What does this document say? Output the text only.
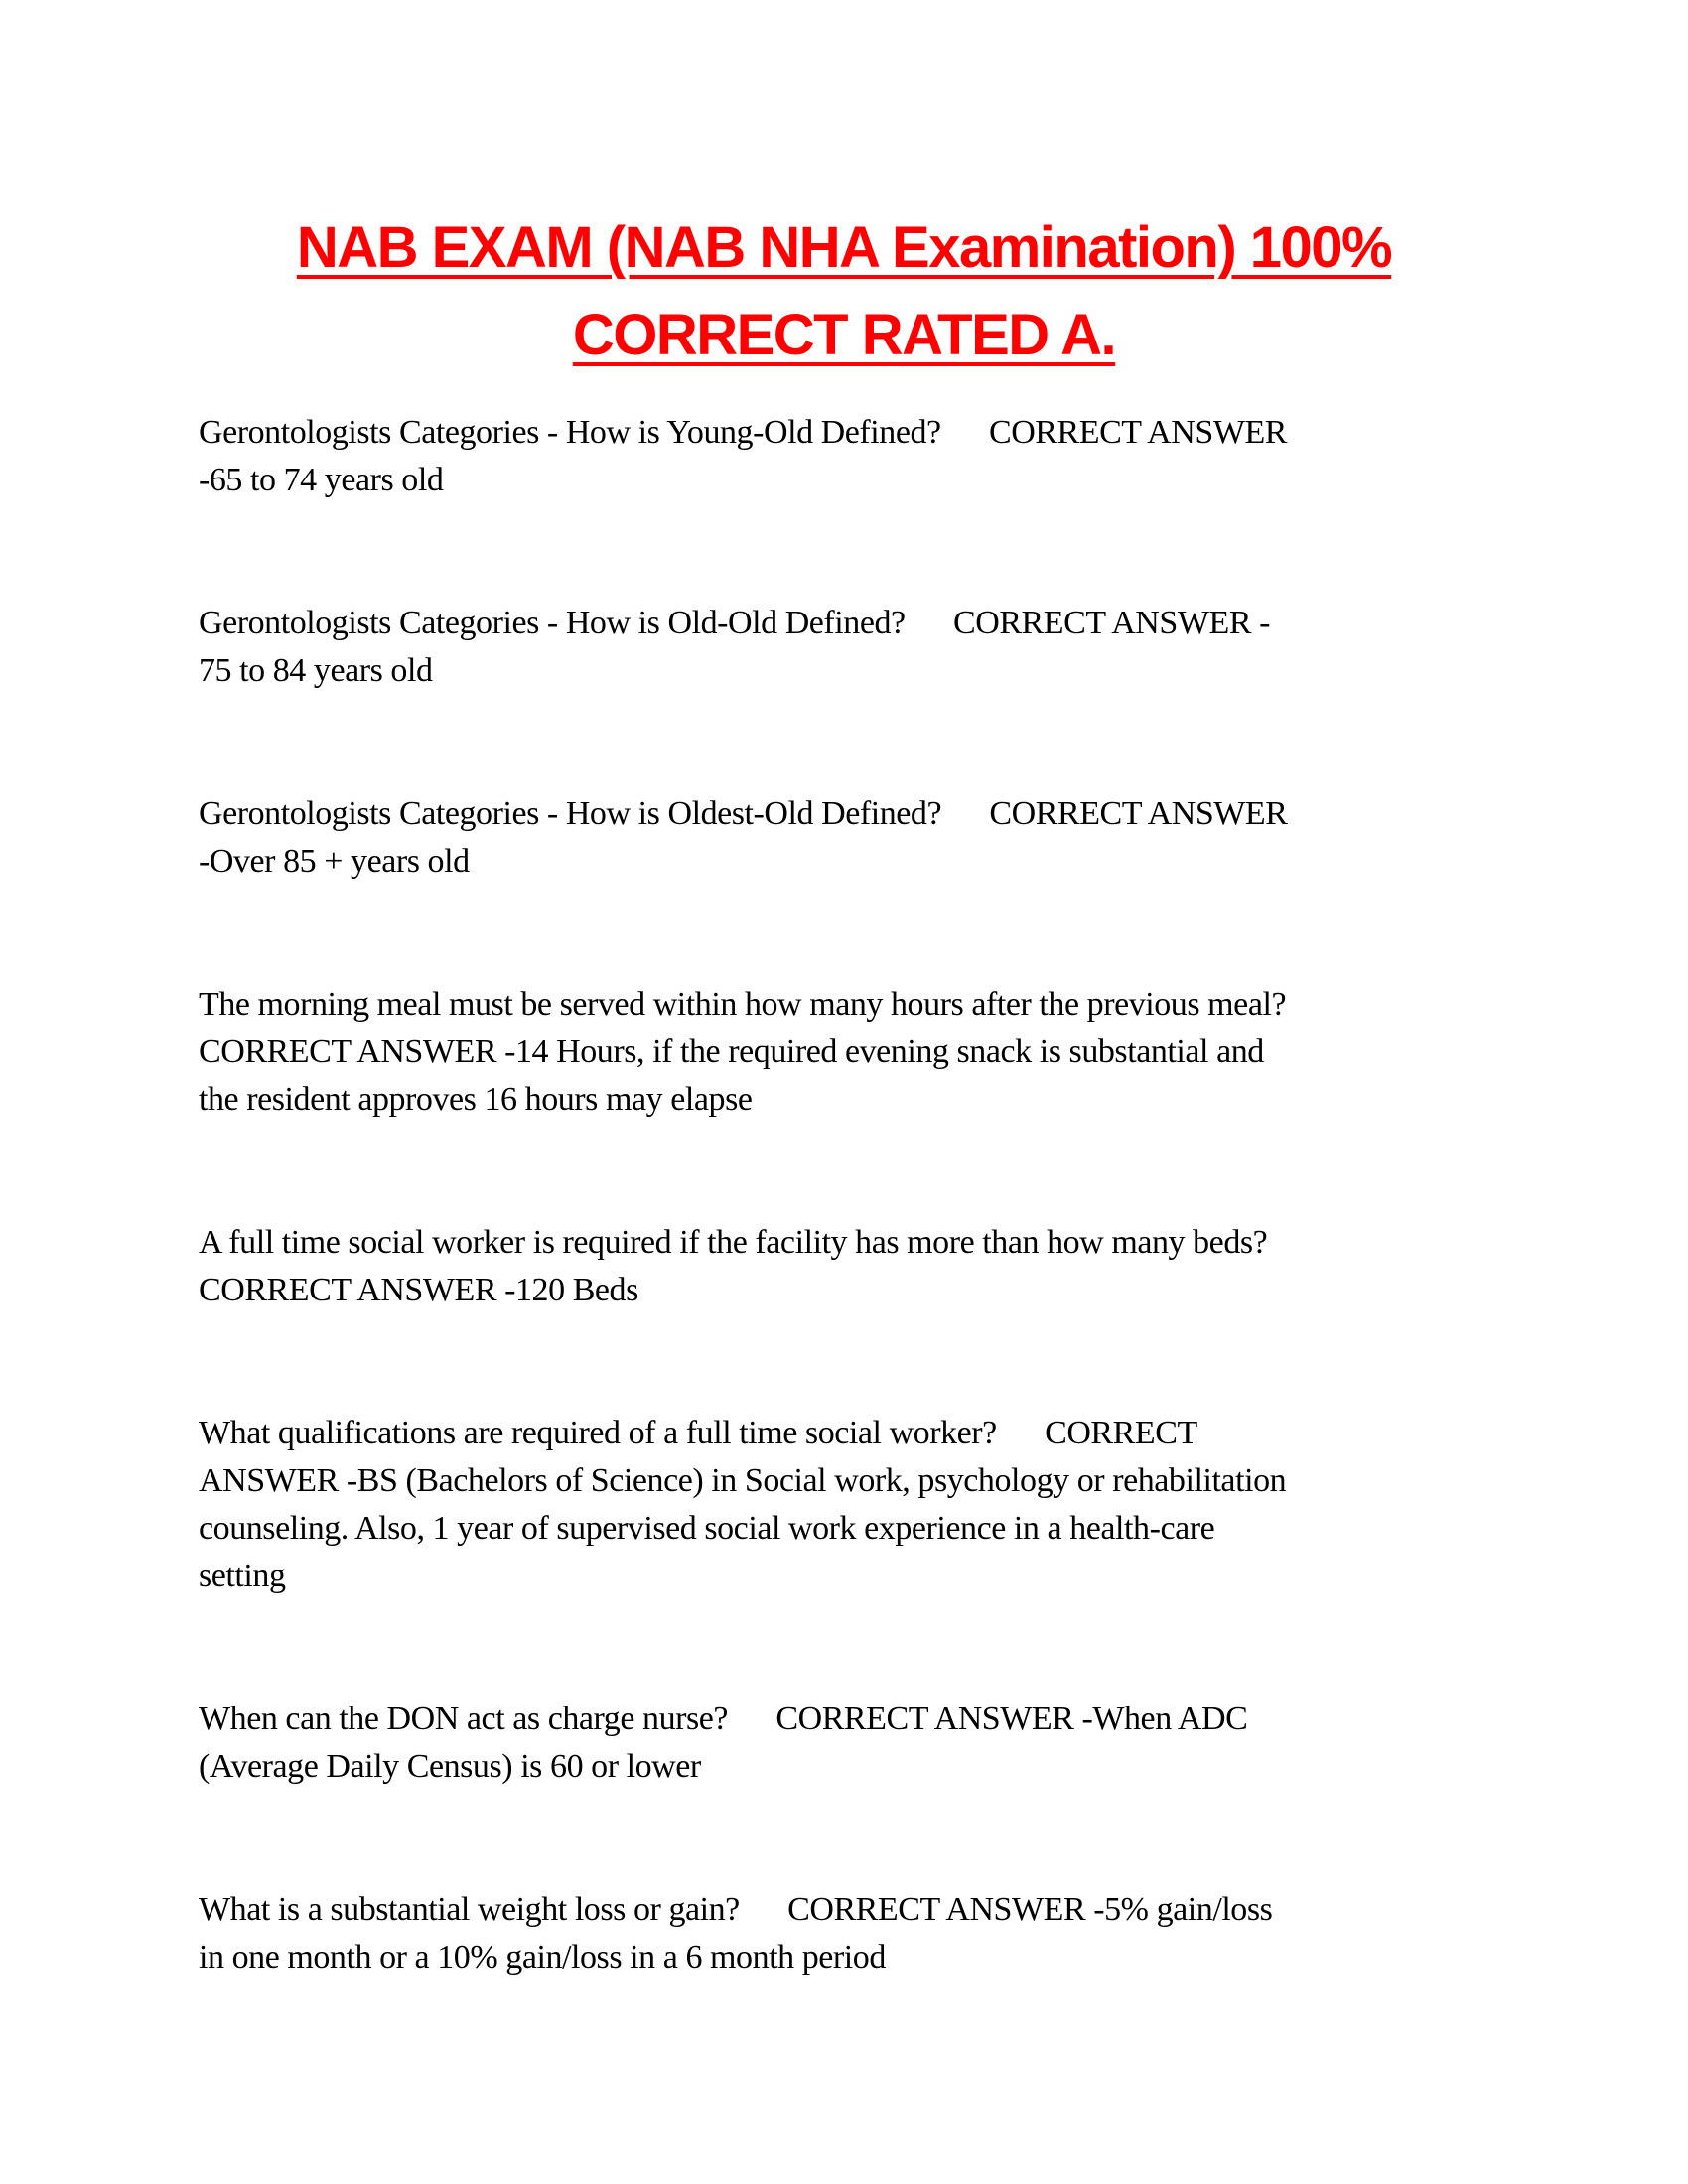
NAB EXAM (NAB NHA Examination) 100%
CORRECT RATED A.
Gerontologists Categories - How is Young-Old Defined?      CORRECT ANSWER
-65 to 74 years old
Gerontologists Categories - How is Old-Old Defined?      CORRECT ANSWER -
75 to 84 years old
Gerontologists Categories - How is Oldest-Old Defined?      CORRECT ANSWER
-Over 85 + years old
The morning meal must be served within how many hours after the previous meal?
CORRECT ANSWER -14 Hours, if the required evening snack is substantial and
the resident approves 16 hours may elapse
A full time social worker is required if the facility has more than how many beds?
CORRECT ANSWER -120 Beds
What qualifications are required of a full time social worker?      CORRECT
ANSWER -BS (Bachelors of Science) in Social work, psychology or rehabilitation
counseling. Also, 1 year of supervised social work experience in a health-care
setting
When can the DON act as charge nurse?      CORRECT ANSWER -When ADC
(Average Daily Census) is 60 or lower
What is a substantial weight loss or gain?      CORRECT ANSWER -5% gain/loss
in one month or a 10% gain/loss in a 6 month period
